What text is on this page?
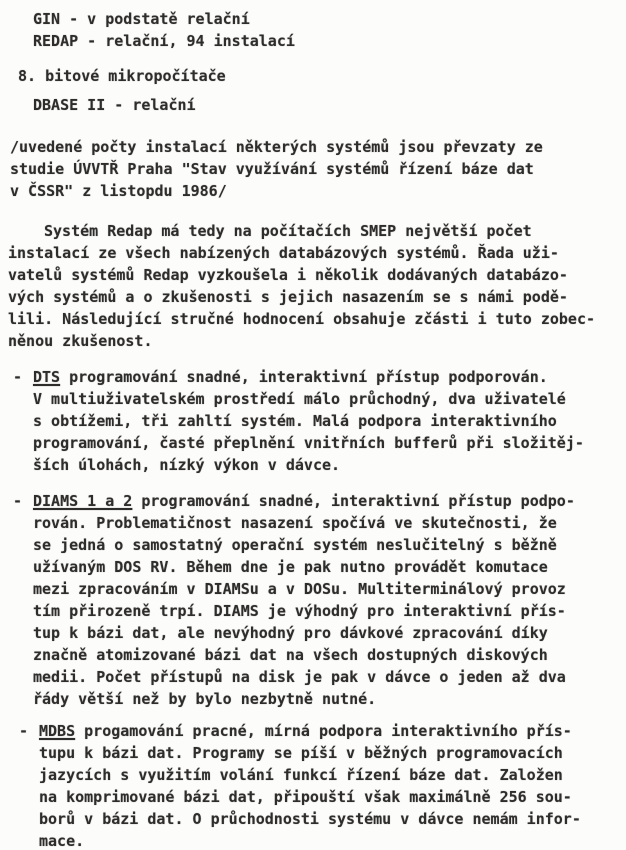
GIN - v podstatě relační
REDAP - relační, 94 instalací
8. bitové mikropočítače
DBASE II - relační
/uvedené počty instalací některých systémů jsou převzaty ze
studie ÚVVTŘ Praha "Stav využívání systémů řízení báze dat
v ČSSR" z listopdu 1986/
Systém Redap má tedy na počítačích SMEP největší počet
instalací ze všech nabízených databázových systémů. Řada uži-
vatelů systémů Redap vyzkoušela i několik dodávaných databázo-
vých systémů a o zkušenosti s jejich nasazením se s námi podě-
lili. Následující stručné hodnocení obsahuje zčásti i tuto zobec-
něnou zkušenost.
- DTS programování snadné, interaktivní přístup podporován.
V multiuživatelském prostředí málo průchodný, dva uživatelé
s obtížemi, tři zahltí systém. Malá podpora interaktivního
programování, časté přeplnění vnitřních bufferů při složitěj-
ších úlohách, nízký výkon v dávce.
- DIAMS 1 a 2 programování snadné, interaktivní přístup podpo-
rován. Problematičnost nasazení spočívá ve skutečnosti, že
se jedná o samostatný operační systém neslučitelný s běžně
užívaným DOS RV. Během dne je pak nutno provádět komutace
mezi zpracováním v DIAMSu a v DOSu. Multiterminálový provoz
tím přirozeně trpí. DIAMS je výhodný pro interaktivní přís-
tup k bázi dat, ale nevýhodný pro dávkové zpracování díky
značně atomizované bázi dat na všech dostupných diskových
medii. Počet přístupů na disk je pak v dávce o jeden až dva
řády větší než by bylo nezbytně nutné.
- MDBS progamování pracné, mírná podpora interaktivního přís-
tupu k bázi dat. Programy se píší v běžných programovacích
jazycích s využitím volání funkcí řízení báze dat. Založen
na komprimované bázi dat, připouští však maximálně 256 sou-
borů v bázi dat. O průchodnosti systému v dávce nemám infor-
mace.
